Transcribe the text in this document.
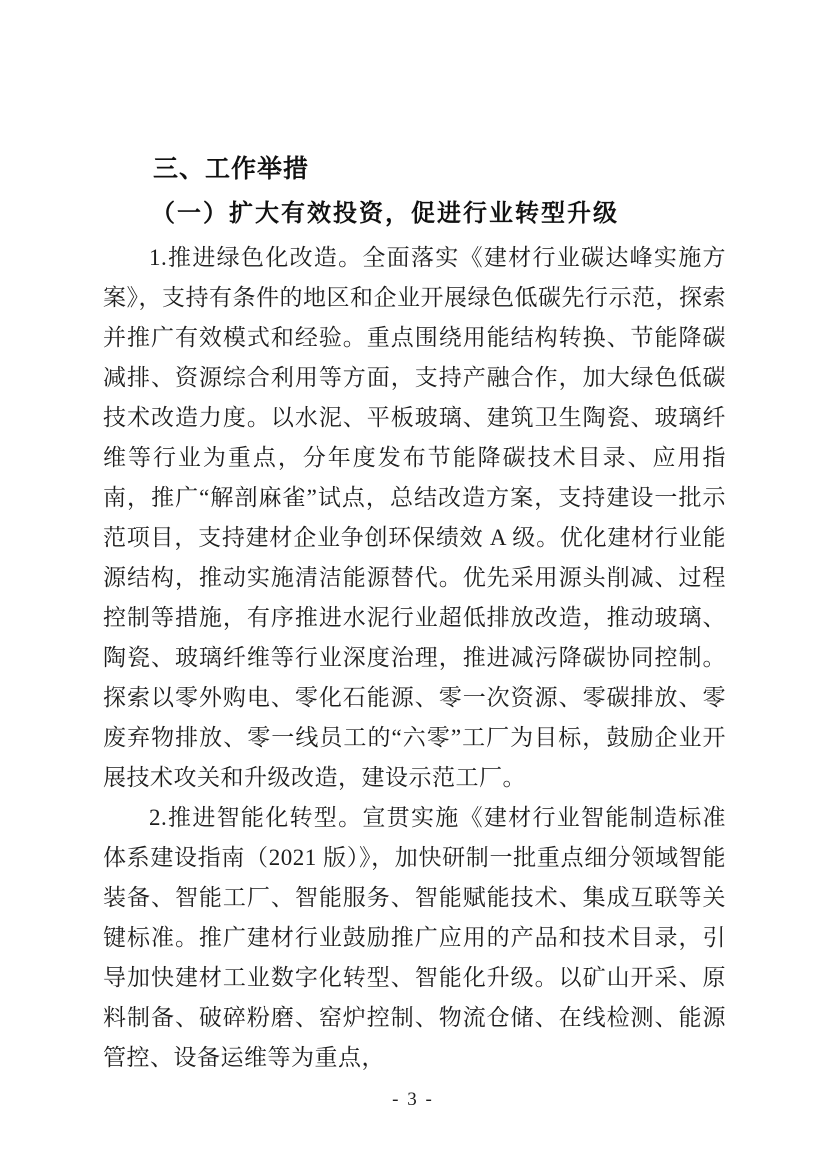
三、工作举措
（一）扩大有效投资，促进行业转型升级

1.推进绿色化改造。全面落实《建材行业碳达峰实施方案》，支持有条件的地区和企业开展绿色低碳先行示范，探索并推广有效模式和经验。重点围绕用能结构转换、节能降碳减排、资源综合利用等方面，支持产融合作，加大绿色低碳技术改造力度。以水泥、平板玻璃、建筑卫生陶瓷、玻璃纤维等行业为重点，分年度发布节能降碳技术目录、应用指南，推广“解剖麻雀”试点，总结改造方案，支持建设一批示范项目，支持建材企业争创环保绩效 A 级。优化建材行业能源结构，推动实施清洁能源替代。优先采用源头削减、过程控制等措施，有序推进水泥行业超低排放改造，推动玻璃、陶瓷、玻璃纤维等行业深度治理，推进减污降碳协同控制。探索以零外购电、零化石能源、零一次资源、零碳排放、零废弃物排放、零一线员工的“六零”工厂为目标，鼓励企业开展技术攻关和升级改造，建设示范工厂。

2.推进智能化转型。宣贯实施《建材行业智能制造标准体系建设指南（2021 版）》，加快研制一批重点细分领域智能装备、智能工厂、智能服务、智能赋能技术、集成互联等关键标准。推广建材行业鼓励推广应用的产品和技术目录，引导加快建材工业数字化转型、智能化升级。以矿山开采、原料制备、破碎粉磨、窑炉控制、物流仓储、在线检测、能源管控、设备运维等为重点，

- 3 -
